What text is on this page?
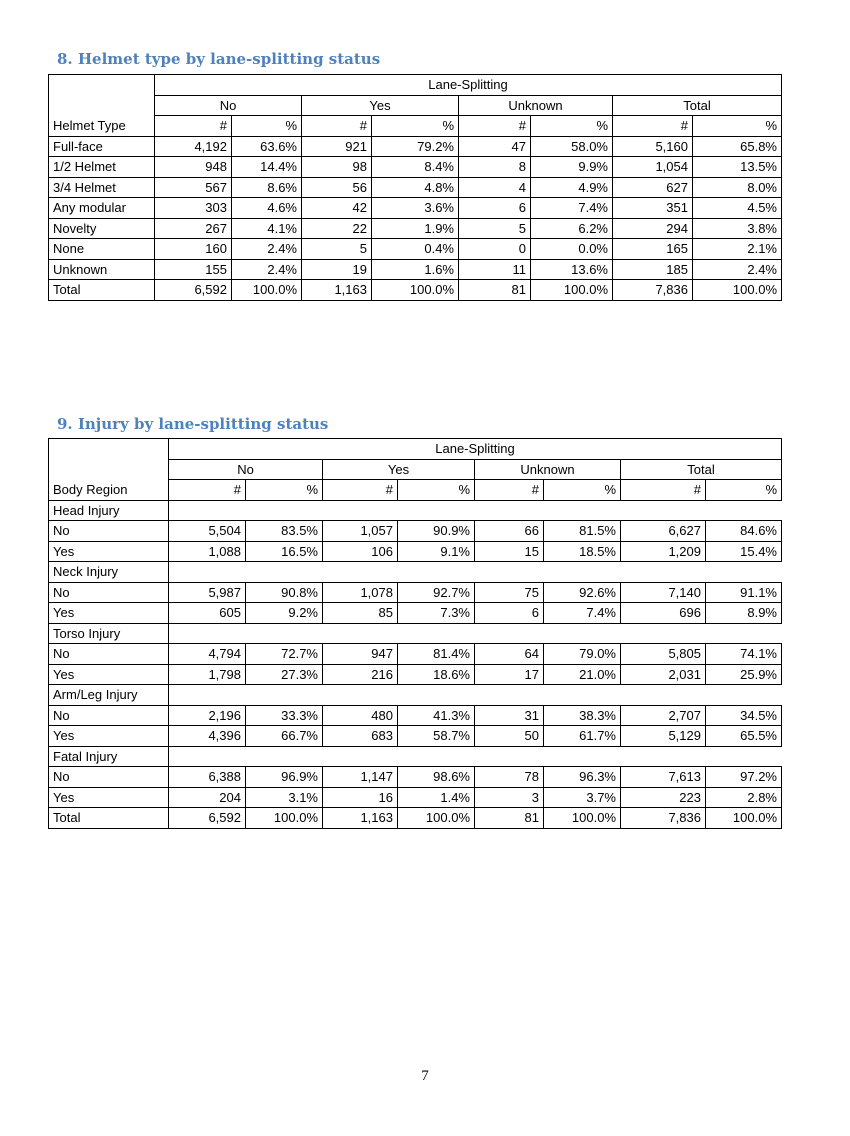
8. Helmet type by lane-splitting status
	Lane-Splitting							
	No		Yes		Unknown		Total	
Helmet Type	#	%	#	%	#	%	#	%
Full-face	4,192	63.6%	921	79.2%	47	58.0%	5,160	65.8%
1/2 Helmet	948	14.4%	98	8.4%	8	9.9%	1,054	13.5%
3/4 Helmet	567	8.6%	56	4.8%	4	4.9%	627	8.0%
Any modular	303	4.6%	42	3.6%	6	7.4%	351	4.5%
Novelty	267	4.1%	22	1.9%	5	6.2%	294	3.8%
None	160	2.4%	5	0.4%	0	0.0%	165	2.1%
Unknown	155	2.4%	19	1.6%	11	13.6%	185	2.4%
Total	6,592	100.0%	1,163	100.0%	81	100.0%	7,836	100.0%
9. Injury by lane-splitting status
	Lane-Splitting							
	No		Yes		Unknown		Total	
Body Region	#	%	#	%	#	%	#	%
Head Injury								
No	5,504	83.5%	1,057	90.9%	66	81.5%	6,627	84.6%
Yes	1,088	16.5%	106	9.1%	15	18.5%	1,209	15.4%
Neck Injury								
No	5,987	90.8%	1,078	92.7%	75	92.6%	7,140	91.1%
Yes	605	9.2%	85	7.3%	6	7.4%	696	8.9%
Torso Injury								
No	4,794	72.7%	947	81.4%	64	79.0%	5,805	74.1%
Yes	1,798	27.3%	216	18.6%	17	21.0%	2,031	25.9%
Arm/Leg Injury								
No	2,196	33.3%	480	41.3%	31	38.3%	2,707	34.5%
Yes	4,396	66.7%	683	58.7%	50	61.7%	5,129	65.5%
Fatal Injury								
No	6,388	96.9%	1,147	98.6%	78	96.3%	7,613	97.2%
Yes	204	3.1%	16	1.4%	3	3.7%	223	2.8%
Total	6,592	100.0%	1,163	100.0%	81	100.0%	7,836	100.0%
7
